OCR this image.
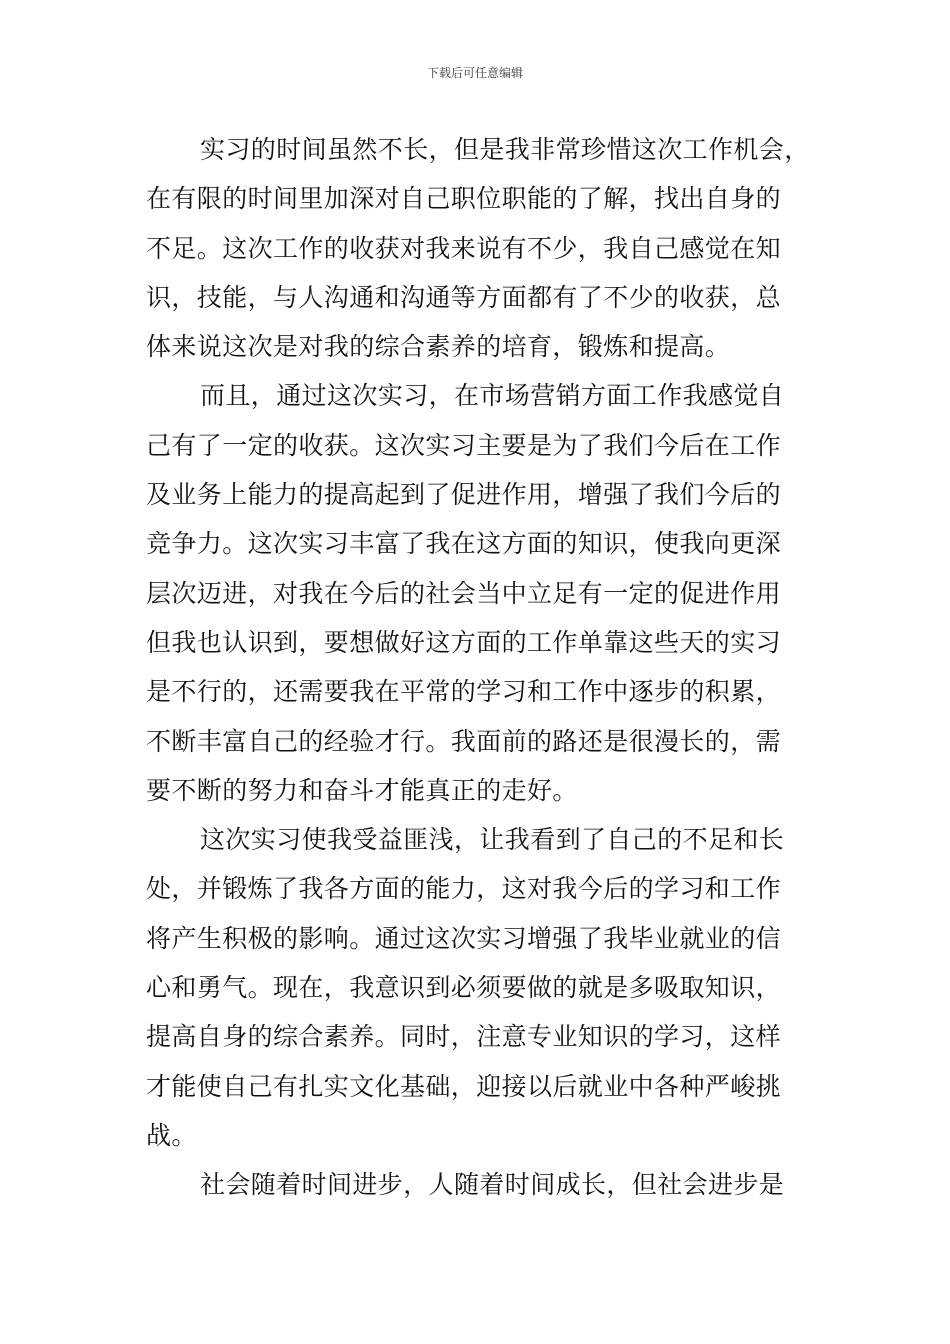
下载后可任意编辑
实习的时间虽然不长，但是我非常珍惜这次工作机会，
在有限的时间里加深对自己职位职能的了解，找出自身的
不足。这次工作的收获对我来说有不少，我自己感觉在知
识，技能，与人沟通和沟通等方面都有了不少的收获，总
体来说这次是对我的综合素养的培育，锻炼和提高。
而且，通过这次实习，在市场营销方面工作我感觉自
己有了一定的收获。这次实习主要是为了我们今后在工作
及业务上能力的提高起到了促进作用，增强了我们今后的
竞争力。这次实习丰富了我在这方面的知识，使我向更深
层次迈进，对我在今后的社会当中立足有一定的促进作用
但我也认识到，要想做好这方面的工作单靠这些天的实习
是不行的，还需要我在平常的学习和工作中逐步的积累，
不断丰富自己的经验才行。我面前的路还是很漫长的，需
要不断的努力和奋斗才能真正的走好。
这次实习使我受益匪浅，让我看到了自己的不足和长
处，并锻炼了我各方面的能力，这对我今后的学习和工作
将产生积极的影响。通过这次实习增强了我毕业就业的信
心和勇气。现在，我意识到必须要做的就是多吸取知识，
提高自身的综合素养。同时，注意专业知识的学习，这样
才能使自己有扎实文化基础，迎接以后就业中各种严峻挑
战。
社会随着时间进步，人随着时间成长，但社会进步是
